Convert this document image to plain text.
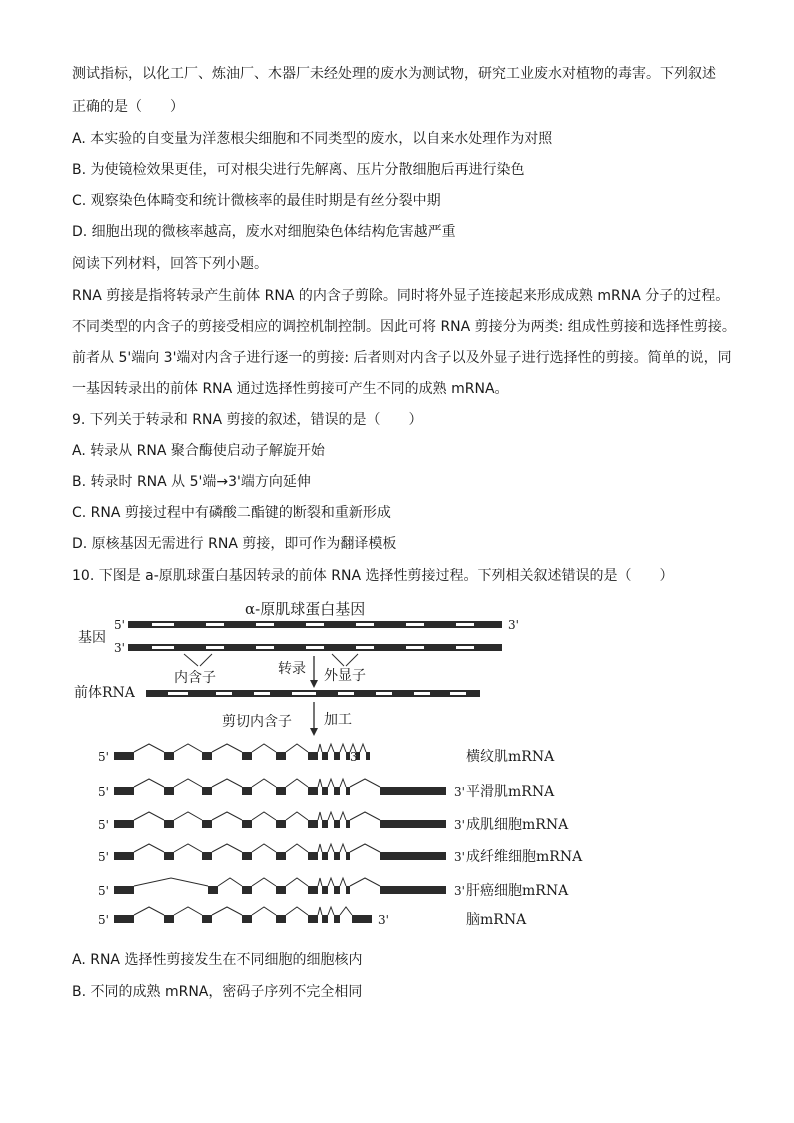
测试指标，以化工厂、炼油厂、木器厂未经处理的废水为测试物，研究工业废水对植物的毒害。下列叙述
正确的是（　　）
A. 本实验的自变量为洋葱根尖细胞和不同类型的废水，以自来水处理作为对照
B. 为使镜检效果更佳，可对根尖进行先解离、压片分散细胞后再进行染色
C. 观察染色体畸变和统计微核率的最佳时期是有丝分裂中期
D. 细胞出现的微核率越高，废水对细胞染色体结构危害越严重
阅读下列材料，回答下列小题。
RNA 剪接是指将转录产生前体 RNA 的内含子剪除。同时将外显子连接起来形成成熟 mRNA 分子的过程。
不同类型的内含子的剪接受相应的调控机制控制。因此可将 RNA 剪接分为两类: 组成性剪接和选择性剪接。
前者从 5'端向 3'端对内含子进行逐一的剪接: 后者则对内含子以及外显子进行选择性的剪接。简单的说，同
一基因转录出的前体 RNA 通过选择性剪接可产生不同的成熟 mRNA。
9. 下列关于转录和 RNA 剪接的叙述，错误的是（　　）
A. 转录从 RNA 聚合酶使启动子解旋开始
B. 转录时 RNA 从 5'端→3'端方向延伸
C. RNA 剪接过程中有磷酸二酯键的断裂和重新形成
D. 原核基因无需进行 RNA 剪接，即可作为翻译模板
10. 下图是 a-原肌球蛋白基因转录的前体 RNA 选择性剪接过程。下列相关叙述错误的是（　　）
α-原肌球蛋白基因
基因
5'	3'
3'
内含子	外显子
转录
前体RNA
剪切内含子 加工
5'	3'	横纹肌mRNA
5'	3' 平滑肌mRNA
5'	3' 成肌细胞mRNA
5'	3' 成纤维细胞mRNA
5'	3' 肝癌细胞mRNA
5'	3'	脑mRNA
A. RNA 选择性剪接发生在不同细胞的细胞核内
B. 不同的成熟 mRNA，密码子序列不完全相同
